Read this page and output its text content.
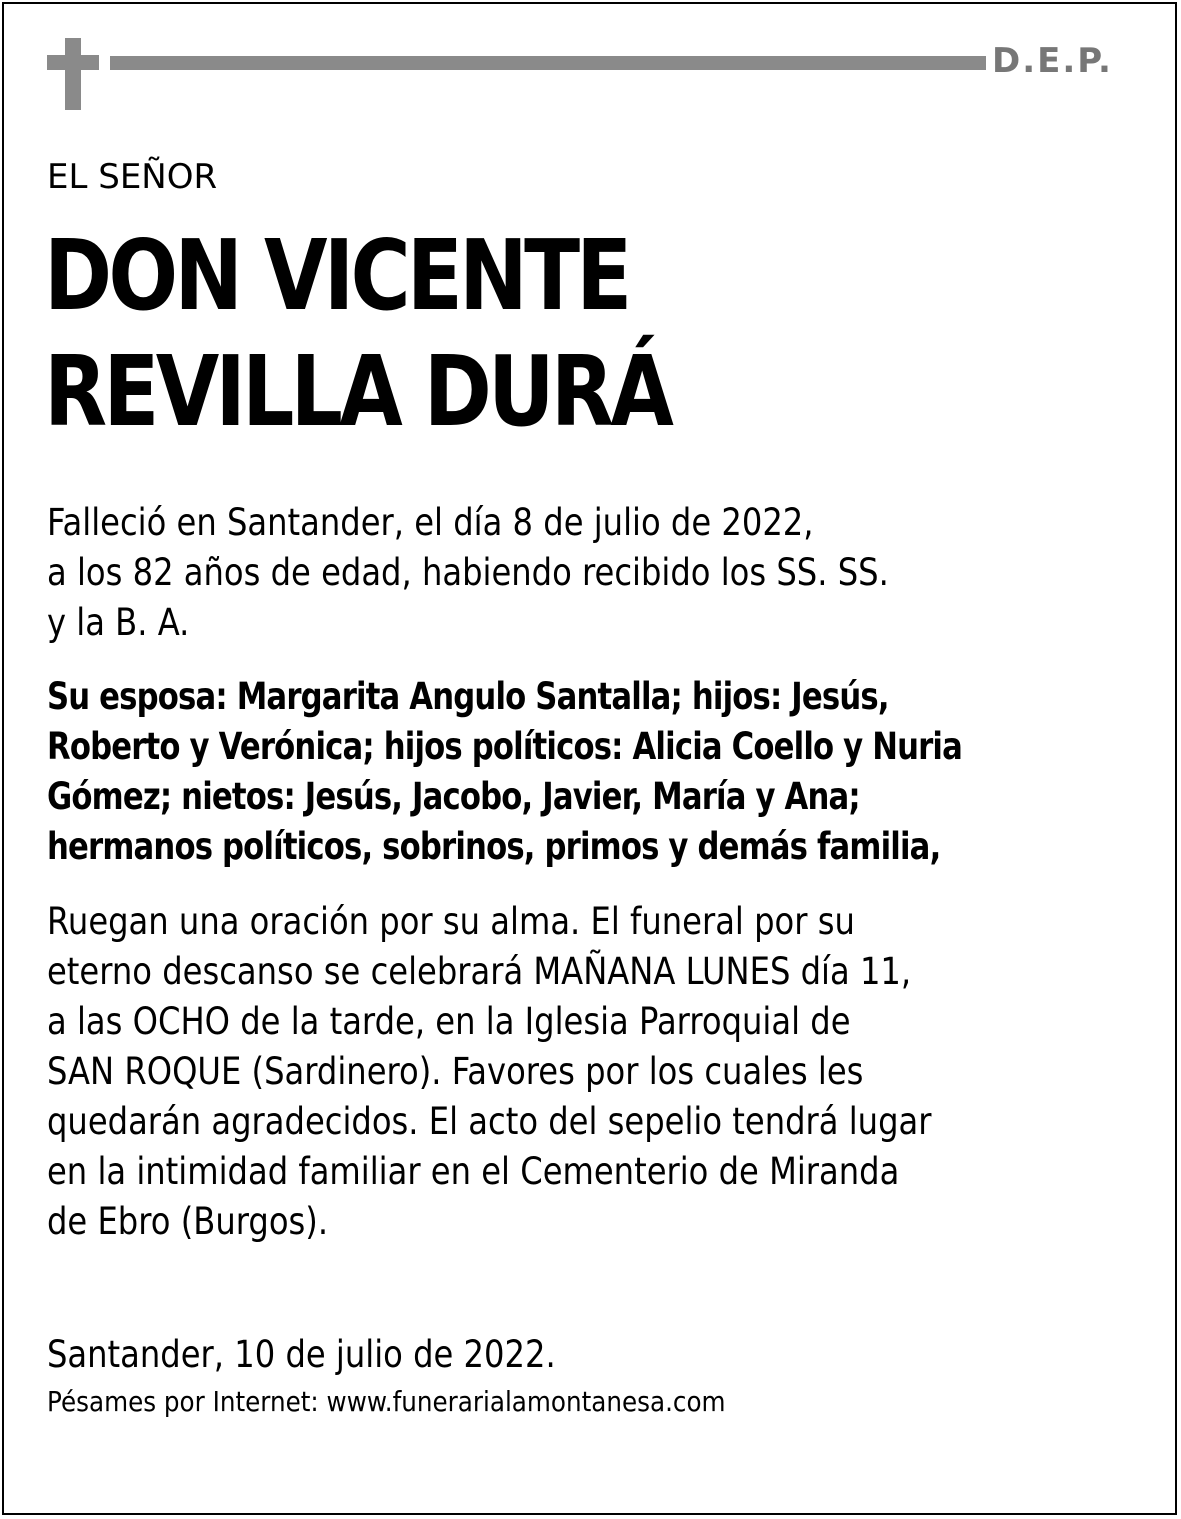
D.E.P.
EL SEÑOR
DON VICENTE
REVILLA DURÁ
Falleció en Santander, el día 8 de julio de 2022,
a los 82 años de edad, habiendo recibido los SS. SS.
y la B. A.
Su esposa: Margarita Angulo Santalla; hijos: Jesús,
Roberto y Verónica; hijos políticos: Alicia Coello y Nuria
Gómez; nietos: Jesús, Jacobo, Javier, María y Ana;
hermanos políticos, sobrinos, primos y demás familia,
Ruegan una oración por su alma. El funeral por su
eterno descanso se celebrará MAÑANA LUNES día 11,
a las OCHO de la tarde, en la Iglesia Parroquial de
SAN ROQUE (Sardinero). Favores por los cuales les
quedarán agradecidos. El acto del sepelio tendrá lugar
en la intimidad familiar en el Cementerio de Miranda
de Ebro (Burgos).
Santander, 10 de julio de 2022.
Pésames por Internet: www.funerarialamontanesa.com
